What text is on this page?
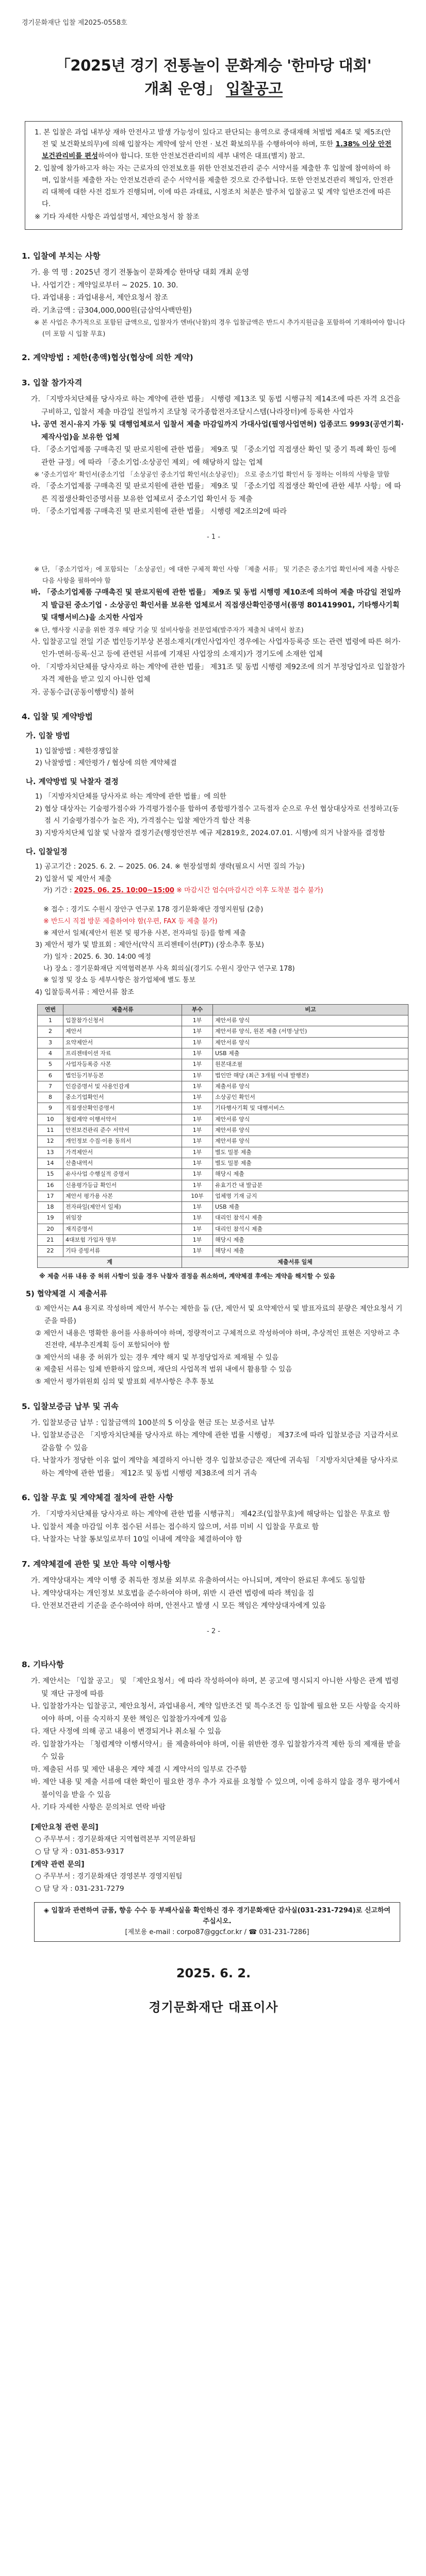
경기문화재단 입찰 제2025-0558호
「2025년 경기 전통놀이 문화계승 '한마당 대회'
개최 운영」 입찰공고

1. 본 입찰은 과업 내부상 재하 안전사고 발생 가능성이 있다고 판단되는 용역으로 중대재해 처벌법 제4조 및 제5조(안전 및 보건확보의무)에 의해 입찰자는 계약에 앞서 안전 · 보건 확보의무를 수행하여야 하며, 또한 1.38% 이상 안전보건관리비를 편성하여야 합니다. 또한 안전보건관리비의 세부 내역은 대표(별지) 참고.

2. 입찰에 참가하고자 하는 자는 근로자의 안전보호를 위한 안전보건관리 준수 서약서를 제출한 후 입찰에 참여하여 하며, 입찰서를 제출한 자는 안전보건관리 준수 서약서를 제출한 것으로 간주합니다. 또한 안전보건관리 책임자, 안전관리 대책에 대한 사전 검토가 진행되며, 이에 따른 과태료, 시정조치 처분은 발주처 입찰공고 및 계약 일반조건에 따른다.

※ 기타 자세한 사항은 과업설명서, 제안요청서 참 참조

1. 입찰에 부치는 사항
가. 용 역 명 : 2025년 경기 전통놀이 문화계승 한마당 대회 개최 운영
나. 사업기간 : 계약일로부터 ~ 2025. 10. 30.
다. 과업내용 : 과업내용서, 제안요청서 참조
라. 기초금액 : 금304,000,000원(금삼억사백만원)
※ 본 사업은 추가적으로 포함된 급액으로, 입찰자가 엔바(낙찰)의 경우 입찰금액은 반드시 추가지원금을 포함하여 기재하여야 합니다 (미 포함 시 입찰 무효)
2. 계약방법 : 제한(총액)협상(협상에 의한 계약)
3. 입찰 참가자격
가. 「지방자치단체를 당사자로 하는 계약에 관한 법률」 시행령 제13조 및 동법 시행규칙 제14조에 따른 자격 요건을 구비하고, 입찰서 제출 마감일 전일까지 조달청 국가종합전자조달시스템(나라장터)에 등록한 사업자
나. 공연 전시·유지 가동 및 대행업체로서 입찰서 제출 마감일까지 가대사업(필영사업면허) 업종코드 9993(공연기획·제작사업)을 보유한 업체
다. 「중소기업제품 구매촉진 및 판로지원에 관한 법률」 제9조 및 「중소기업 직접생산 확인 및 중기 특례 확인 등에 관한 규정」에 따라 「중소기업·소상공인 제외」에 해당하지 않는 업체
※ ‘중소기업자’ 확인서(중소기업 「소상공인 중소기업 확인서(소상공인)」 으로 중소기업 확인서 등 정하는 이하의 사항을 말함
라. 「중소기업제품 구매촉진 및 판로지원에 관한 법률」 제9조 및 「중소기업 직접생산 확인에 관한 세부 사항」에 따른 직접생산확인증명서를 보유한 업체로서 중소기업 확인서 등 제출
마. 「중소기업제품 구매촉진 및 판로지원에 관한 법률」 시행령 제2조의2에 따라
- 1 -
※ 단, 「중소기업자」에 포함되는 「소상공인」에 대한 구체적 확인 사항 「제출 서류」 및 기준은 중소기업 확인서에 제출 사항은 다음 사항을 필하여야 함
바. 「중소기업제품 구매촉진 및 판로지원에 관한 법률」 제9조 및 동법 시행령 제10조에 의하여 제출 마감일 전일까지 발급된 중소기업 · 소상공인 확인서를 보유한 업체로서 직접생산확인증명서(품명 801419901, 기타행사기획 및 대행서비스)을 소지한 사업자
※ 단, 행사장 시공을 위한 경우 해당 기술 및 설비사항을 전문업체(발주자가 제출처 내역서 참조)
사. 입찰공고일 전일 기준 법인등기부상 본점소재지(개인사업자인 경우에는 사업자등록증 또는 관련 법령에 따른 허가·인가·면허·등록·신고 등에 관련된 서류에 기재된 사업장의 소재지)가 경기도에 소재한 업체
아. 「지방자치단체를 당사자로 하는 계약에 관한 법률」 제31조 및 동법 시행령 제92조에 의거 부정당업자로 입찰참가자격 제한을 받고 있지 아니한 업체
자. 공동수급(공동이행방식) 불허
4. 입찰 및 계약방법
가. 입찰 방법
1) 입찰방법 : 제한경쟁입찰
2) 낙찰방법 : 제안평가 / 협상에 의한 계약체결
나. 계약방법 및 낙찰자 결정
1) 「지방자치단체를 당사자로 하는 계약에 관한 법률」에 의한
2) 협상 대상자는 기술평가점수와 가격평가점수를 합하여 종합평가점수 고득점자 순으로 우선 협상대상자로 선정하고(동점 시 기술평가점수가 높은 자), 가격점수는 입찰 제안가격 합산 적용
3) 지방자치단체 입찰 및 낙찰자 결정기준(행정안전부 예규 제2819호, 2024.07.01. 시행)에 의거 낙찰자를 결정함
다. 입찰일정
1) 공고기간 : 2025. 6. 2. ~ 2025. 06. 24. ※ 현장설명회 생략(필요시 서면 질의 가능)
2) 입찰서 및 제안서 제출
가) 기간 : 2025. 06. 25. 10:00~15:00 ※ 마감시간 엄수(마감시간 이후 도착분 접수 불가)
※ 접수 : 경기도 수원시 장안구 연구로 178 경기문화재단 경영지원팀 (2층)
※ 반드시 직접 방문 제출하여야 함(우편, FAX 등 제출 불가)
※ 제안서 일체(제안서 원본 및 평가용 사본, 전자파일 등)를 함께 제출
3) 제안서 평가 및 발표회 : 제안서(약식 프리젠테이션(PT)) (장소추후 통보)
가) 일자 : 2025. 6. 30. 14:00 예정
나) 장소 : 경기문화재단 지역협력본부 사옥 회의실(경기도 수원시 장안구 연구로 178)
※ 일정 및 장소 등 세부사항은 참가업체에 별도 통보
4) 입찰등록서류 : 제안서류 참조
연번	제출서류	부수	비고
1	입찰참가신청서	1부	제안서류 양식
2	제안서	1부	제안서류 양식, 원본 제출 (서명·날인)
3	요약제안서	1부	제안서류 양식
4	프리젠테이션 자료	1부	USB 제출
5	사업자등록증 사본	1부	원본대조필
6	법인등기부등본	1부	법인만 해당 (최근 3개월 이내 발행본)
7	인감증명서 및 사용인감계	1부	제출서류 양식
8	중소기업확인서	1부	소상공인 확인서
9	직접생산확인증명서	1부	기타행사기획 및 대행서비스
10	청렴계약 이행서약서	1부	제안서류 양식
11	안전보건관리 준수 서약서	1부	제안서류 양식
12	개인정보 수집·이용 동의서	1부	제안서류 양식
13	가격제안서	1부	별도 밀봉 제출
14	산출내역서	1부	별도 밀봉 제출
15	유사사업 수행실적 증명서	1부	해당시 제출
16	신용평가등급 확인서	1부	유효기간 내 발급분
17	제안서 평가용 사본	10부	업체명 기재 금지
18	전자파일(제안서 일체)	1부	USB 제출
19	위임장	1부	대리인 참석시 제출
20	재직증명서	1부	대리인 참석시 제출
21	4대보험 가입자 명부	1부	해당시 제출
22	기타 증빙서류	1부	해당시 제출
계		제출서류 일체	
※ 제출 서류 내용 중 허위 사항이 있을 경우 낙찰자 결정을 취소하며, 계약체결 후에는 계약을 해지할 수 있음
5) 협약체결 시 제출서류
① 제안서는 A4 용지로 작성하며 제안서 부수는 제한을 둠 (단, 제안서 및 요약제안서 및 발표자료의 분량은 제안요청서 기준을 따름)
② 제안서 내용은 명확한 용어를 사용하여야 하며, 정량적이고 구체적으로 작성하여야 하며, 추상적인 표현은 지양하고 추진전략, 세부추진계획 등이 포함되어야 함
③ 제안서의 내용 중 허위가 있는 경우 계약 해지 및 부정당업자로 제재될 수 있음
④ 제출된 서류는 일체 반환하지 않으며, 재단의 사업목적 범위 내에서 활용할 수 있음
⑤ 제안서 평가위원회 심의 및 발표회 세부사항은 추후 통보
5. 입찰보증금 납부 및 귀속
가. 입찰보증금 납부 : 입찰금액의 100분의 5 이상을 현금 또는 보증서로 납부
나. 입찰보증금은 「지방자치단체를 당사자로 하는 계약에 관한 법률 시행령」 제37조에 따라 입찰보증금 지급각서로 갈음할 수 있음
다. 낙찰자가 정당한 이유 없이 계약을 체결하지 아니한 경우 입찰보증금은 재단에 귀속됨 「지방자치단체를 당사자로 하는 계약에 관한 법률」 제12조 및 동법 시행령 제38조에 의거 귀속
6. 입찰 무효 및 계약체결 절차에 관한 사항
가. 「지방자치단체를 당사자로 하는 계약에 관한 법률 시행규칙」 제42조(입찰무효)에 해당하는 입찰은 무효로 함
나. 입찰서 제출 마감일 이후 접수된 서류는 접수하지 않으며, 서류 미비 시 입찰을 무효로 함
다. 낙찰자는 낙찰 통보일로부터 10일 이내에 계약을 체결하여야 함
7. 계약체결에 관한 및 보안 특약 이행사항
가. 계약상대자는 계약 이행 중 취득한 정보를 외부로 유출하여서는 아니되며, 계약이 완료된 후에도 동일함
나. 계약상대자는 개인정보 보호법을 준수하여야 하며, 위반 시 관련 법령에 따라 책임을 짐
다. 안전보건관리 기준을 준수하여야 하며, 안전사고 발생 시 모든 책임은 계약상대자에게 있음
- 2 -
8. 기타사항
가. 제안서는 「입찰 공고」 및 「제안요청서」에 따라 작성하여야 하며, 본 공고에 명시되지 아니한 사항은 관계 법령 및 재단 규정에 따름
나. 입찰참가자는 입찰공고, 제안요청서, 과업내용서, 계약 일반조건 및 특수조건 등 입찰에 필요한 모든 사항을 숙지하여야 하며, 이를 숙지하지 못한 책임은 입찰참가자에게 있음
다. 재단 사정에 의해 공고 내용이 변경되거나 취소될 수 있음
라. 입찰참가자는 「청렴계약 이행서약서」를 제출하여야 하며, 이를 위반한 경우 입찰참가자격 제한 등의 제재를 받을 수 있음
마. 제출된 서류 및 제안 내용은 계약 체결 시 계약서의 일부로 간주함
바. 제안 내용 및 제출 서류에 대한 확인이 필요한 경우 추가 자료를 요청할 수 있으며, 이에 응하지 않을 경우 평가에서 불이익을 받을 수 있음
사. 기타 자세한 사항은 문의처로 연락 바람
[제안요청 관련 문의]
○ 주무부서 : 경기문화재단 지역협력본부 지역문화팀
○ 담 당 자 : 031-853-9317
[계약 관련 문의]
○ 주무부서 : 경기문화재단 경영본부 경영지원팀
○ 담 당 자 : 031-231-7279
◈ 입찰과 관련하여 금품, 향응 수수 등 부패사실을 확인하신 경우 경기문화재단 감사실(031-231-7294)로 신고하여 주십시오.
[제보용 e-mail : corpo87@ggcf.or.kr / ☎ 031-231-7286]
2025. 6. 2.
경기문화재단 대표이사
